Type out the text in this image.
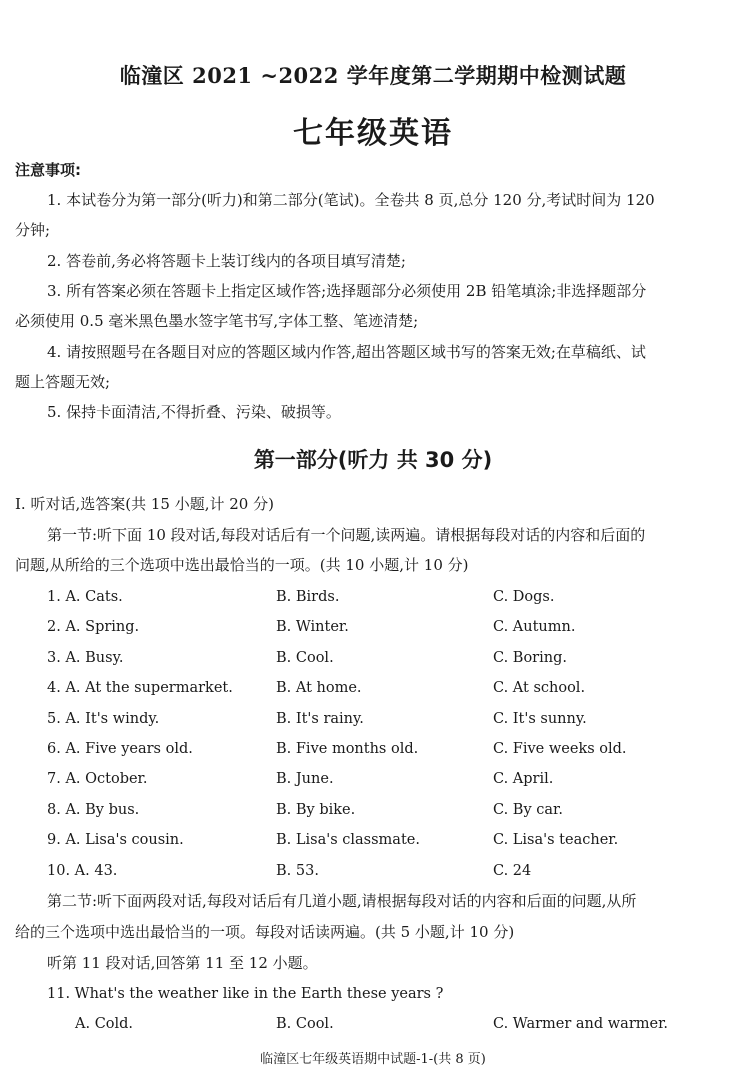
临潼区 2021 ~2022 学年度第二学期期中检测试题
七年级英语
注意事项:
1. 本试卷分为第一部分(听力)和第二部分(笔试)。全卷共 8 页,总分 120 分,考试时间为 120
分钟;
2. 答卷前,务必将答题卡上装订线内的各项目填写清楚;
3. 所有答案必须在答题卡上指定区域作答;选择题部分必须使用 2B 铅笔填涂;非选择题部分
必须使用 0.5 毫米黑色墨水签字笔书写,字体工整、笔迹清楚;
4. 请按照题号在各题目对应的答题区域内作答,超出答题区域书写的答案无效;在草稿纸、试
题上答题无效;
5. 保持卡面清洁,不得折叠、污染、破损等。
第一部分(听力 共 30 分)
I. 听对话,选答案(共 15 小题,计 20 分)
第一节:听下面 10 段对话,每段对话后有一个问题,读两遍。请根据每段对话的内容和后面的
问题,从所给的三个选项中选出最恰当的一项。(共 10 小题,计 10 分)
1. A. Cats.	B. Birds.	C. Dogs.
2. A. Spring.	B. Winter.	C. Autumn.
3. A. Busy.	B. Cool.	C. Boring.
4. A. At the supermarket.	B. At home.	C. At school.
5. A. It's windy.	B. It's rainy.	C. It's sunny.
6. A. Five years old.	B. Five months old.	C. Five weeks old.
7. A. October.	B. June.	C. April.
8. A. By bus.	B. By bike.	C. By car.
9. A. Lisa's cousin.	B. Lisa's classmate.	C. Lisa's teacher.
10. A. 43.	B. 53.	C. 24
第二节:听下面两段对话,每段对话后有几道小题,请根据每段对话的内容和后面的问题,从所
给的三个选项中选出最恰当的一项。每段对话读两遍。(共 5 小题,计 10 分)
听第 11 段对话,回答第 11 至 12 小题。
11. What's the weather like in the Earth these years ?
A. Cold.	B. Cool.	C. Warmer and warmer.
临潼区七年级英语期中试题-1-(共 8 页)
